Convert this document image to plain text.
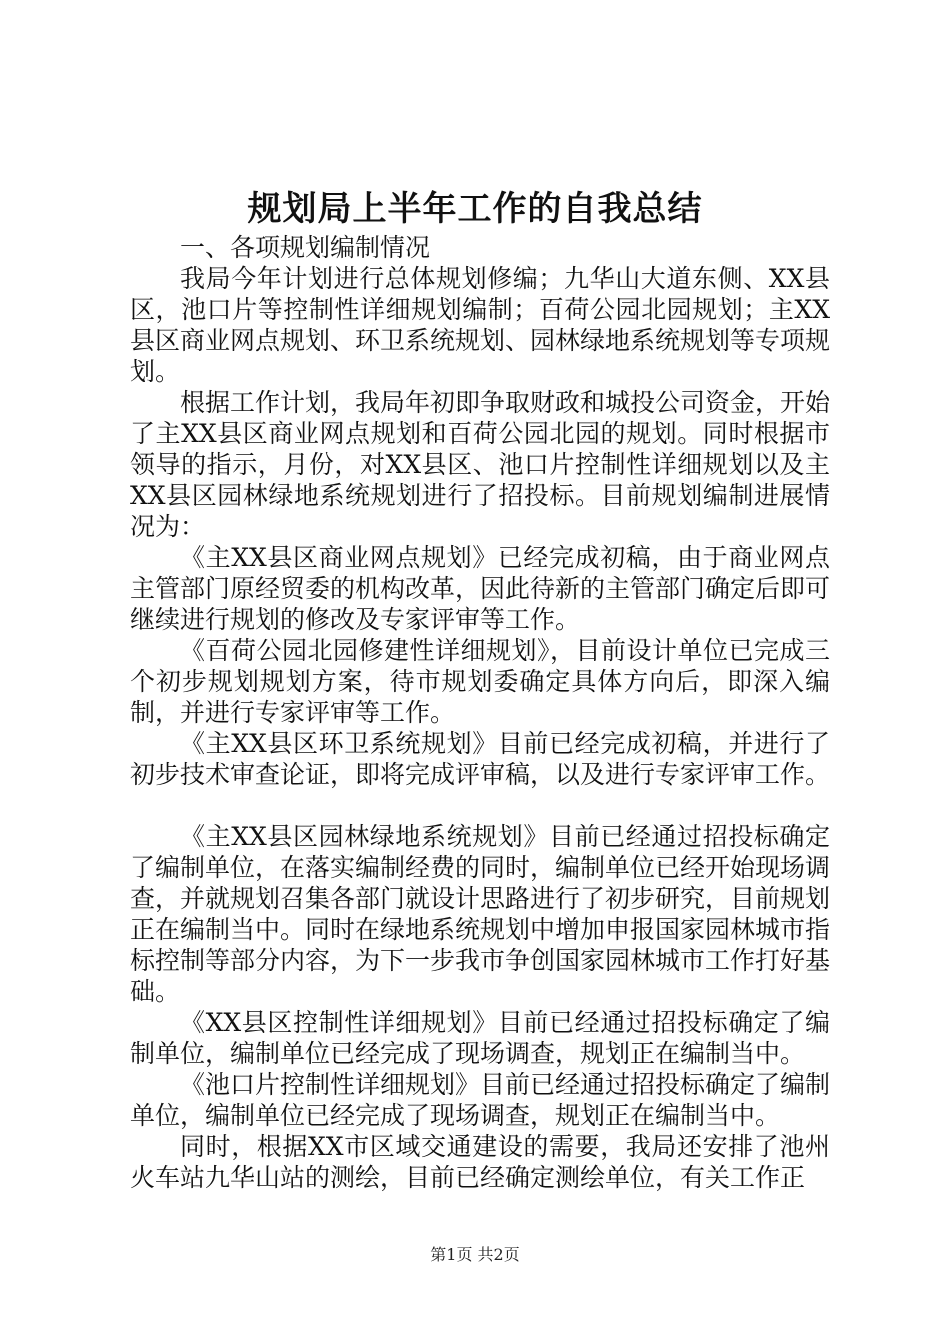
规划局上半年工作的自我总结

一、各项规划编制情况

我局今年计划进行总体规划修编；九华山大道东侧、XX县区，池口片等控制性详细规划编制；百荷公园北园规划；主XX县区商业网点规划、环卫系统规划、园林绿地系统规划等专项规划。

根据工作计划，我局年初即争取财政和城投公司资金，开始了主XX县区商业网点规划和百荷公园北园的规划。同时根据市领导的指示，月份，对XX县区、池口片控制性详细规划以及主XX县区园林绿地系统规划进行了招投标。目前规划编制进展情况为：

《主XX县区商业网点规划》已经完成初稿，由于商业网点主管部门原经贸委的机构改革，因此待新的主管部门确定后即可继续进行规划的修改及专家评审等工作。

《百荷公园北园修建性详细规划》，目前设计单位已完成三个初步规划规划方案，待市规划委确定具体方向后，即深入编制，并进行专家评审等工作。

《主XX县区环卫系统规划》目前已经完成初稿，并进行了初步技术审查论证，即将完成评审稿，以及进行专家评审工作。

《主XX县区园林绿地系统规划》目前已经通过招投标确定了编制单位，在落实编制经费的同时，编制单位已经开始现场调查，并就规划召集各部门就设计思路进行了初步研究，目前规划正在编制当中。同时在绿地系统规划中增加申报国家园林城市指标控制等部分内容，为下一步我市争创国家园林城市工作打好基础。

《XX县区控制性详细规划》目前已经通过招投标确定了编制单位，编制单位已经完成了现场调查，规划正在编制当中。

《池口片控制性详细规划》目前已经通过招投标确定了编制单位，编制单位已经完成了现场调查，规划正在编制当中。

同时，根据XX市区域交通建设的需要，我局还安排了池州火车站九华山站的测绘，目前已经确定测绘单位，有关工作正

第1页 共2页
